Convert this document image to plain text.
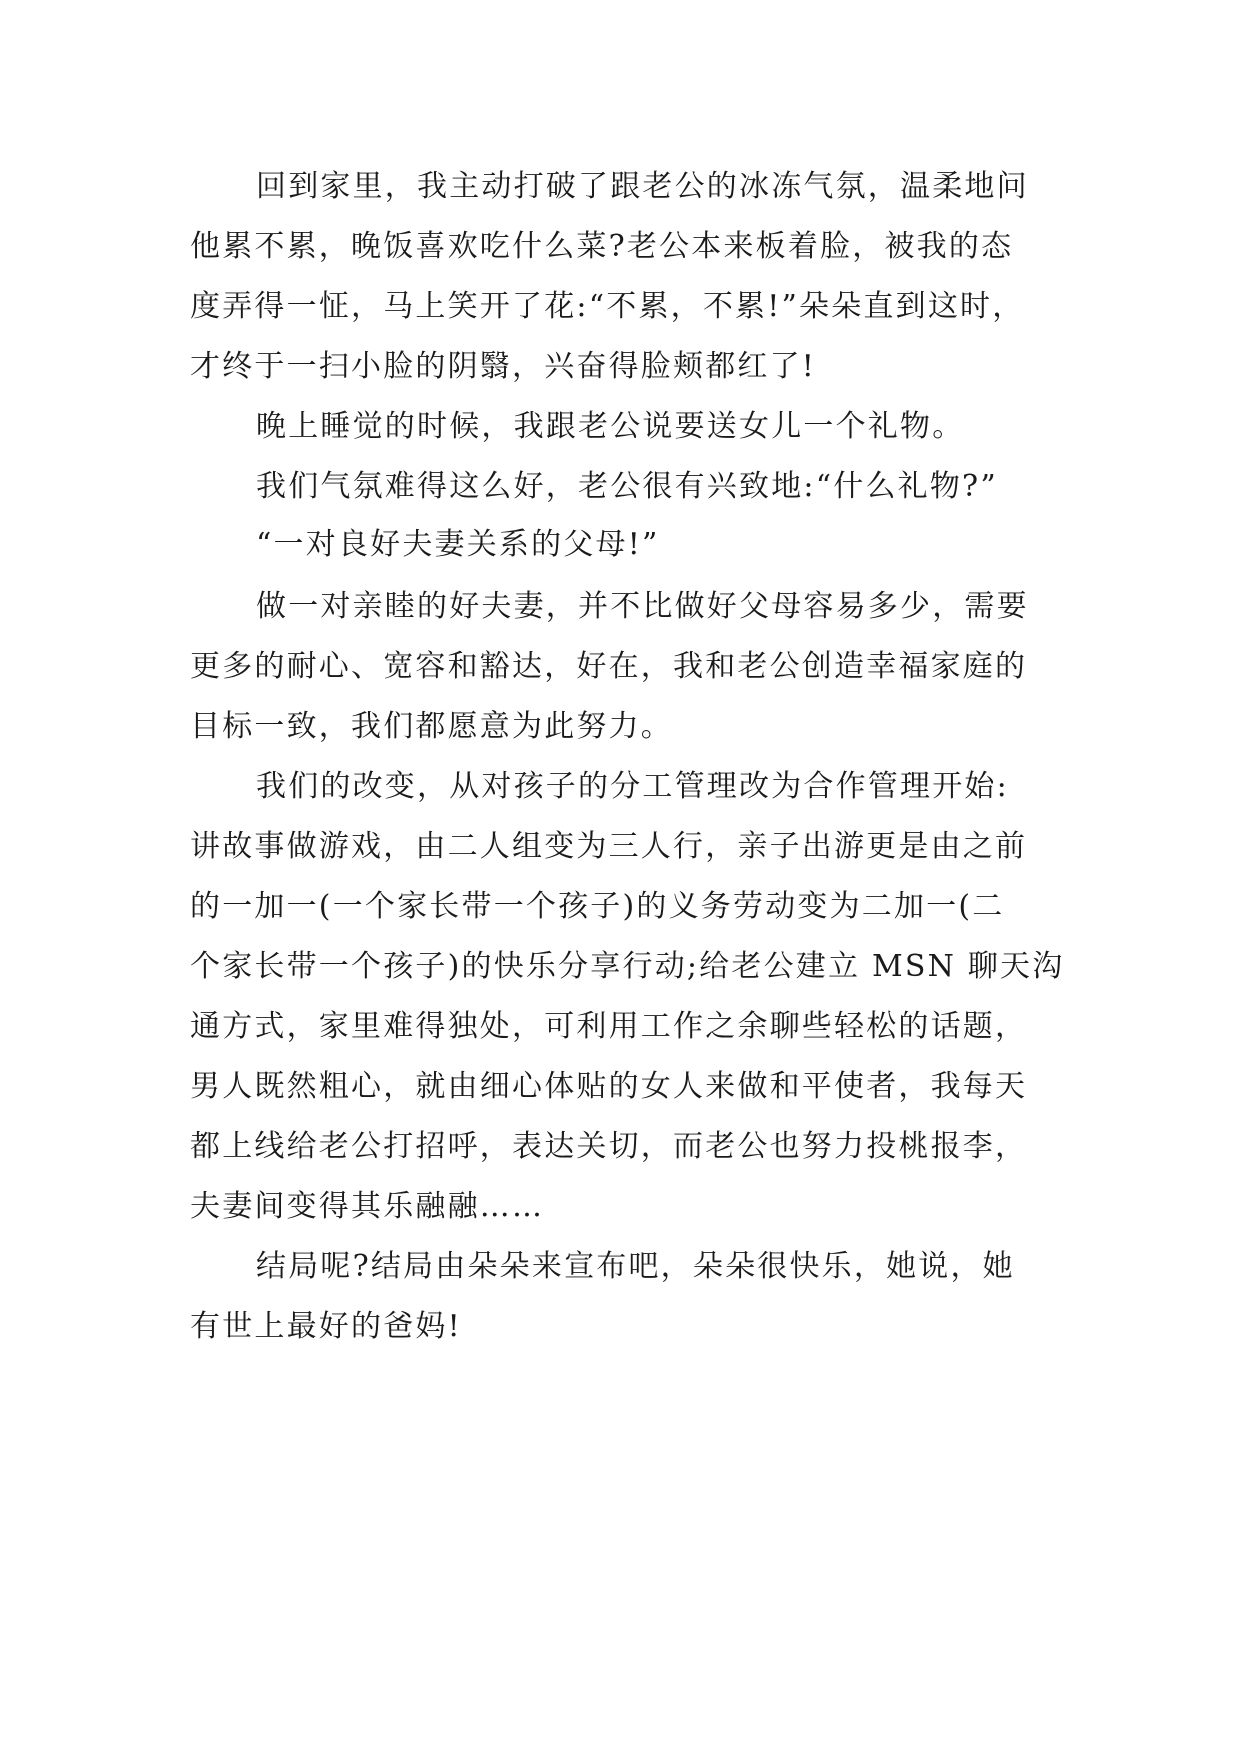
回到家里，我主动打破了跟老公的冰冻气氛，温柔地问
他累不累，晚饭喜欢吃什么菜?老公本来板着脸，被我的态
度弄得一怔，马上笑开了花:“不累，不累!”朵朵直到这时，
才终于一扫小脸的阴翳，兴奋得脸颊都红了!
晚上睡觉的时候，我跟老公说要送女儿一个礼物。
我们气氛难得这么好，老公很有兴致地:“什么礼物?”
“一对良好夫妻关系的父母!”
做一对亲睦的好夫妻，并不比做好父母容易多少，需要
更多的耐心、宽容和豁达，好在，我和老公创造幸福家庭的
目标一致，我们都愿意为此努力。
我们的改变，从对孩子的分工管理改为合作管理开始:
讲故事做游戏，由二人组变为三人行，亲子出游更是由之前
的一加一(一个家长带一个孩子)的义务劳动变为二加一(二
个家长带一个孩子)的快乐分享行动;给老公建立 MSN 聊天沟
通方式，家里难得独处，可利用工作之余聊些轻松的话题，
男人既然粗心，就由细心体贴的女人来做和平使者，我每天
都上线给老公打招呼，表达关切，而老公也努力投桃报李，
夫妻间变得其乐融融……
结局呢?结局由朵朵来宣布吧，朵朵很快乐，她说，她
有世上最好的爸妈!
